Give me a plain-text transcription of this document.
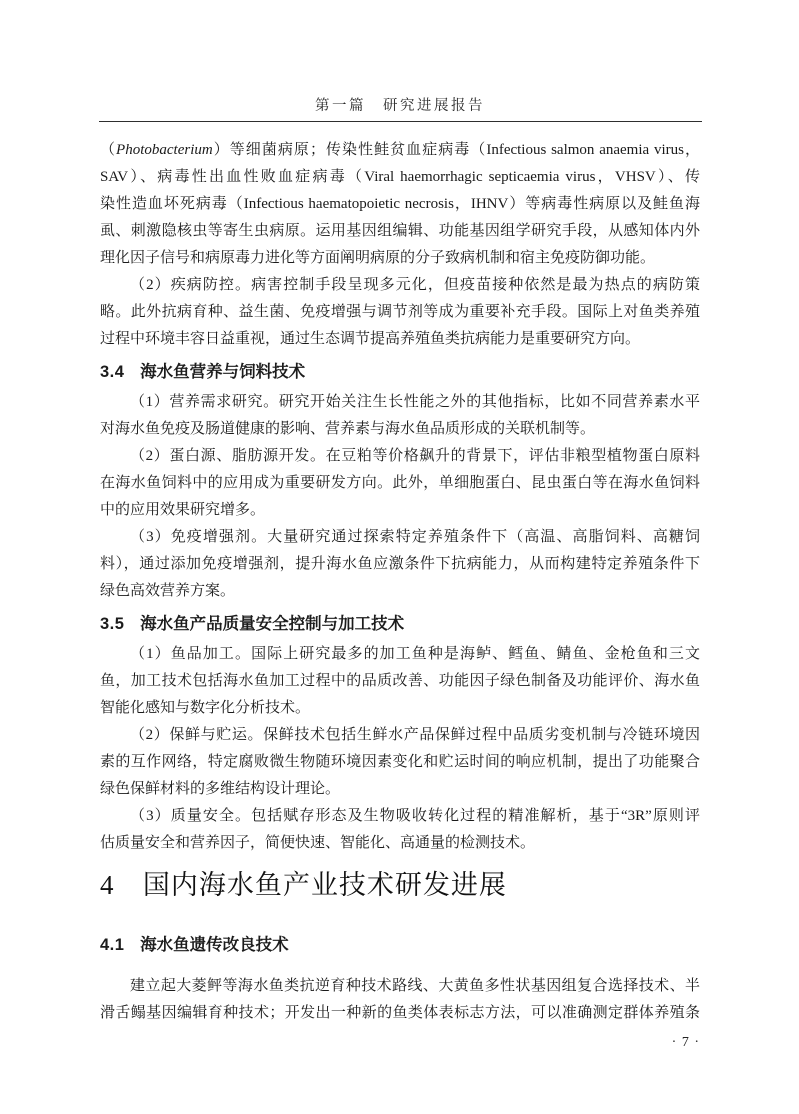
第一篇　研究进展报告
（Photobacterium）等细菌病原；传染性鲑贫血症病毒（Infectious salmon anaemia virus，
SAV）、病毒性出血性败血症病毒（Viral haemorrhagic septicaemia virus，VHSV）、传
染性造血坏死病毒（Infectious haematopoietic necrosis，IHNV）等病毒性病原以及鲑鱼海
虱、刺激隐核虫等寄生虫病原。运用基因组编辑、功能基因组学研究手段，从感知体内外
理化因子信号和病原毒力进化等方面阐明病原的分子致病机制和宿主免疫防御功能。
（2）疾病防控。病害控制手段呈现多元化，但疫苗接种依然是最为热点的病防策
略。此外抗病育种、益生菌、免疫增强与调节剂等成为重要补充手段。国际上对鱼类养殖
过程中环境丰容日益重视，通过生态调节提高养殖鱼类抗病能力是重要研究方向。
3.4 海水鱼营养与饲料技术
（1）营养需求研究。研究开始关注生长性能之外的其他指标，比如不同营养素水平
对海水鱼免疫及肠道健康的影响、营养素与海水鱼品质形成的关联机制等。
（2）蛋白源、脂肪源开发。在豆粕等价格飙升的背景下，评估非粮型植物蛋白原料
在海水鱼饲料中的应用成为重要研发方向。此外，单细胞蛋白、昆虫蛋白等在海水鱼饲料
中的应用效果研究增多。
（3）免疫增强剂。大量研究通过探索特定养殖条件下（高温、高脂饲料、高糖饲
料），通过添加免疫增强剂，提升海水鱼应激条件下抗病能力，从而构建特定养殖条件下
绿色高效营养方案。
3.5 海水鱼产品质量安全控制与加工技术
（1）鱼品加工。国际上研究最多的加工鱼种是海鲈、鳕鱼、鲭鱼、金枪鱼和三文
鱼，加工技术包括海水鱼加工过程中的品质改善、功能因子绿色制备及功能评价、海水鱼
智能化感知与数字化分析技术。
（2）保鲜与贮运。保鲜技术包括生鲜水产品保鲜过程中品质劣变机制与冷链环境因
素的互作网络，特定腐败微生物随环境因素变化和贮运时间的响应机制，提出了功能聚合
绿色保鲜材料的多维结构设计理论。
（3）质量安全。包括赋存形态及生物吸收转化过程的精准解析，基于“3R”原则评
估质量安全和营养因子，简便快速、智能化、高通量的检测技术。
4 国内海水鱼产业技术研发进展
4.1 海水鱼遗传改良技术
建立起大菱鲆等海水鱼类抗逆育种技术路线、大黄鱼多性状基因组复合选择技术、半
滑舌鳎基因编辑育种技术；开发出一种新的鱼类体表标志方法，可以准确测定群体养殖条
· 7 ·
